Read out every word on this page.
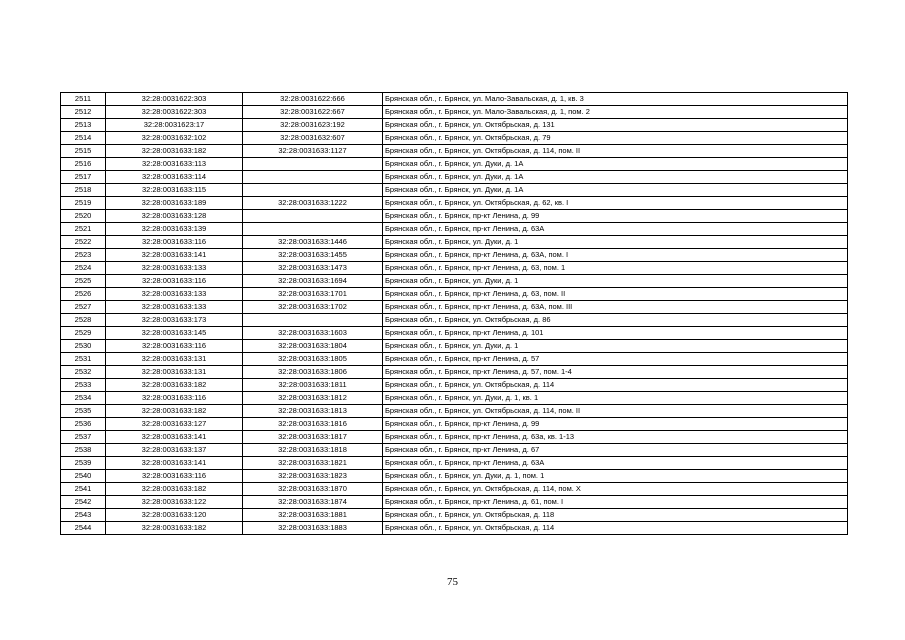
2511	32:28:0031622:303	32:28:0031622:666	Брянская обл., г. Брянск, ул. Мало-Завальская, д. 1, кв. 3
2512	32:28:0031622:303	32:28:0031622:667	Брянская обл., г. Брянск, ул. Мало-Завальская, д. 1, пом. 2
2513	32:28:0031623:17	32:28:0031623:192	Брянская обл., г. Брянск, ул. Октябрьская, д. 131
2514	32:28:0031632:102	32:28:0031632:607	Брянская обл., г. Брянск, ул. Октябрьская, д. 79
2515	32:28:0031633:182	32:28:0031633:1127	Брянская обл., г. Брянск, ул. Октябрьская, д. 114, пом. II
2516	32:28:0031633:113		Брянская обл., г. Брянск, ул. Дуки, д. 1А
2517	32:28:0031633:114		Брянская обл., г. Брянск, ул. Дуки, д. 1А
2518	32:28:0031633:115		Брянская обл., г. Брянск, ул. Дуки, д. 1А
2519	32:28:0031633:189	32:28:0031633:1222	Брянская обл., г. Брянск, ул. Октябрьская, д. 62, кв. I
2520	32:28:0031633:128		Брянская обл., г. Брянск, пр-кт Ленина, д. 99
2521	32:28:0031633:139		Брянская обл., г. Брянск, пр-кт Ленина, д. 63А
2522	32:28:0031633:116	32:28:0031633:1446	Брянская обл., г. Брянск, ул. Дуки, д. 1
2523	32:28:0031633:141	32:28:0031633:1455	Брянская обл., г. Брянск, пр-кт Ленина, д. 63А, пом. I
2524	32:28:0031633:133	32:28:0031633:1473	Брянская обл., г. Брянск, пр-кт Ленина, д. 63, пом. 1
2525	32:28:0031633:116	32:28:0031633:1694	Брянская обл., г. Брянск, ул. Дуки, д. 1
2526	32:28:0031633:133	32:28:0031633:1701	Брянская обл., г. Брянск, пр-кт Ленина, д. 63, пом. II
2527	32:28:0031633:133	32:28:0031633:1702	Брянская обл., г. Брянск, пр-кт Ленина, д. 63А, пом. III
2528	32:28:0031633:173		Брянская обл., г. Брянск, ул. Октябрьская, д. 86
2529	32:28:0031633:145	32:28:0031633:1603	Брянская обл., г. Брянск, пр-кт Ленина, д. 101
2530	32:28:0031633:116	32:28:0031633:1804	Брянская обл., г. Брянск, ул. Дуки, д. 1
2531	32:28:0031633:131	32:28:0031633:1805	Брянская обл., г. Брянск, пр-кт Ленина, д. 57
2532	32:28:0031633:131	32:28:0031633:1806	Брянская обл., г. Брянск, пр-кт Ленина, д. 57, пом. 1-4
2533	32:28:0031633:182	32:28:0031633:1811	Брянская обл., г. Брянск, ул. Октябрьская, д. 114
2534	32:28:0031633:116	32:28:0031633:1812	Брянская обл., г. Брянск, ул. Дуки, д. 1, кв. 1
2535	32:28:0031633:182	32:28:0031633:1813	Брянская обл., г. Брянск, ул. Октябрьская, д. 114, пом. II
2536	32:28:0031633:127	32:28:0031633:1816	Брянская обл., г. Брянск, пр-кт Ленина, д. 99
2537	32:28:0031633:141	32:28:0031633:1817	Брянская обл., г. Брянск, пр-кт Ленина, д. 63а, кв. 1-13
2538	32:28:0031633:137	32:28:0031633:1818	Брянская обл., г. Брянск, пр-кт Ленина, д. 67
2539	32:28:0031633:141	32:28:0031633:1821	Брянская обл., г. Брянск, пр-кт Ленина, д. 63А
2540	32:28:0031633:116	32:28:0031633:1823	Брянская обл., г. Брянск, ул. Дуки, д. 1, пом. 1
2541	32:28:0031633:182	32:28:0031633:1870	Брянская обл., г. Брянск, ул. Октябрьская, д. 114, пом. X
2542	32:28:0031633:122	32:28:0031633:1874	Брянская обл., г. Брянск, пр-кт Ленина, д. 61, пом. I
2543	32:28:0031633:120	32:28:0031633:1881	Брянская обл., г. Брянск, ул. Октябрьская, д. 118
2544	32:28:0031633:182	32:28:0031633:1883	Брянская обл., г. Брянск, ул. Октябрьская, д. 114
75
